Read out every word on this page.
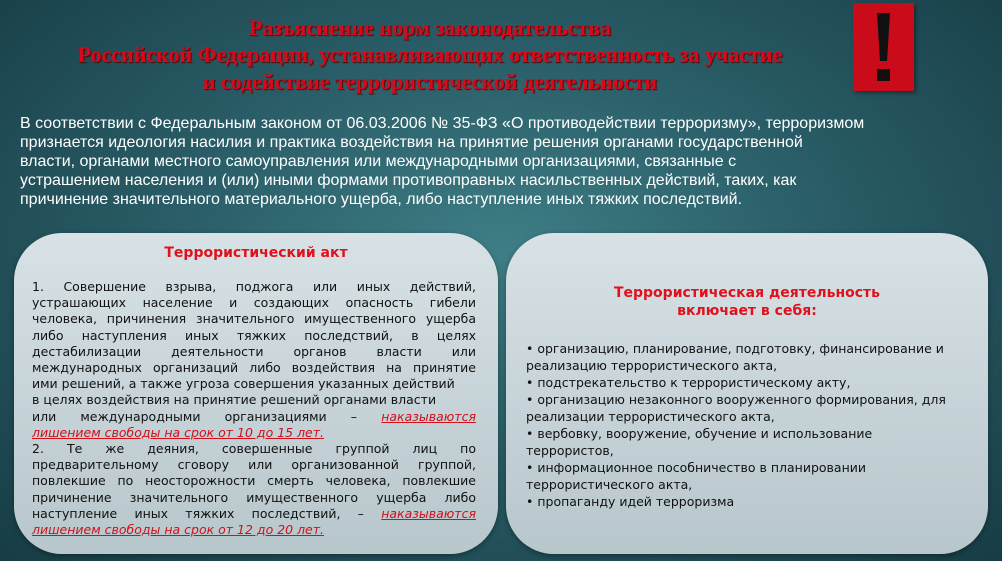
Разъяснение норм законодательства
Российской Федерации, устанавливающих ответственность за участие
и содействие террористической деятельности
В соответствии с Федеральным законом от 06.03.2006 № 35-ФЗ «О противодействии терроризму», терроризмом
признается идеология насилия и практика воздействия на принятие решения органами государственной
власти, органами местного самоуправления или международными организациями, связанные с
устрашением населения и (или) иными формами противоправных насильственных действий, таких, как
причинение значительного материального ущерба, либо наступление иных тяжких последствий.
Террористический акт
1. Совершение взрыва, поджога или иных действий,
устрашающих население и создающих опасность гибели
человека, причинения значительного имущественного ущерба
либо наступления иных тяжких последствий, в целях
дестабилизации деятельности органов власти или
международных организаций либо воздействия на принятие
ими решений, а также угроза совершения указанных действий
в целях воздействия на принятие решений органами власти
или международными организациями – наказываются
лишением свободы на срок от 10 до 15 лет.
2. Те же деяния, совершенные группой лиц по
предварительному сговору или организованной группой,
повлекшие по неосторожности смерть человека, повлекшие
причинение значительного имущественного ущерба либо
наступление иных тяжких последствий, – наказываются
лишением свободы на срок от 12 до 20 лет.
Террористическая деятельность
включает в себя:
• организацию, планирование, подготовку, финансирование и
реализацию террористического акта,
• подстрекательство к террористическому акту,
• организацию незаконного вооруженного формирования, для
реализации террористического акта,
• вербовку, вооружение, обучение и использование
террористов,
• информационное пособничество в планировании
террористического акта,
• пропаганду идей терроризма
